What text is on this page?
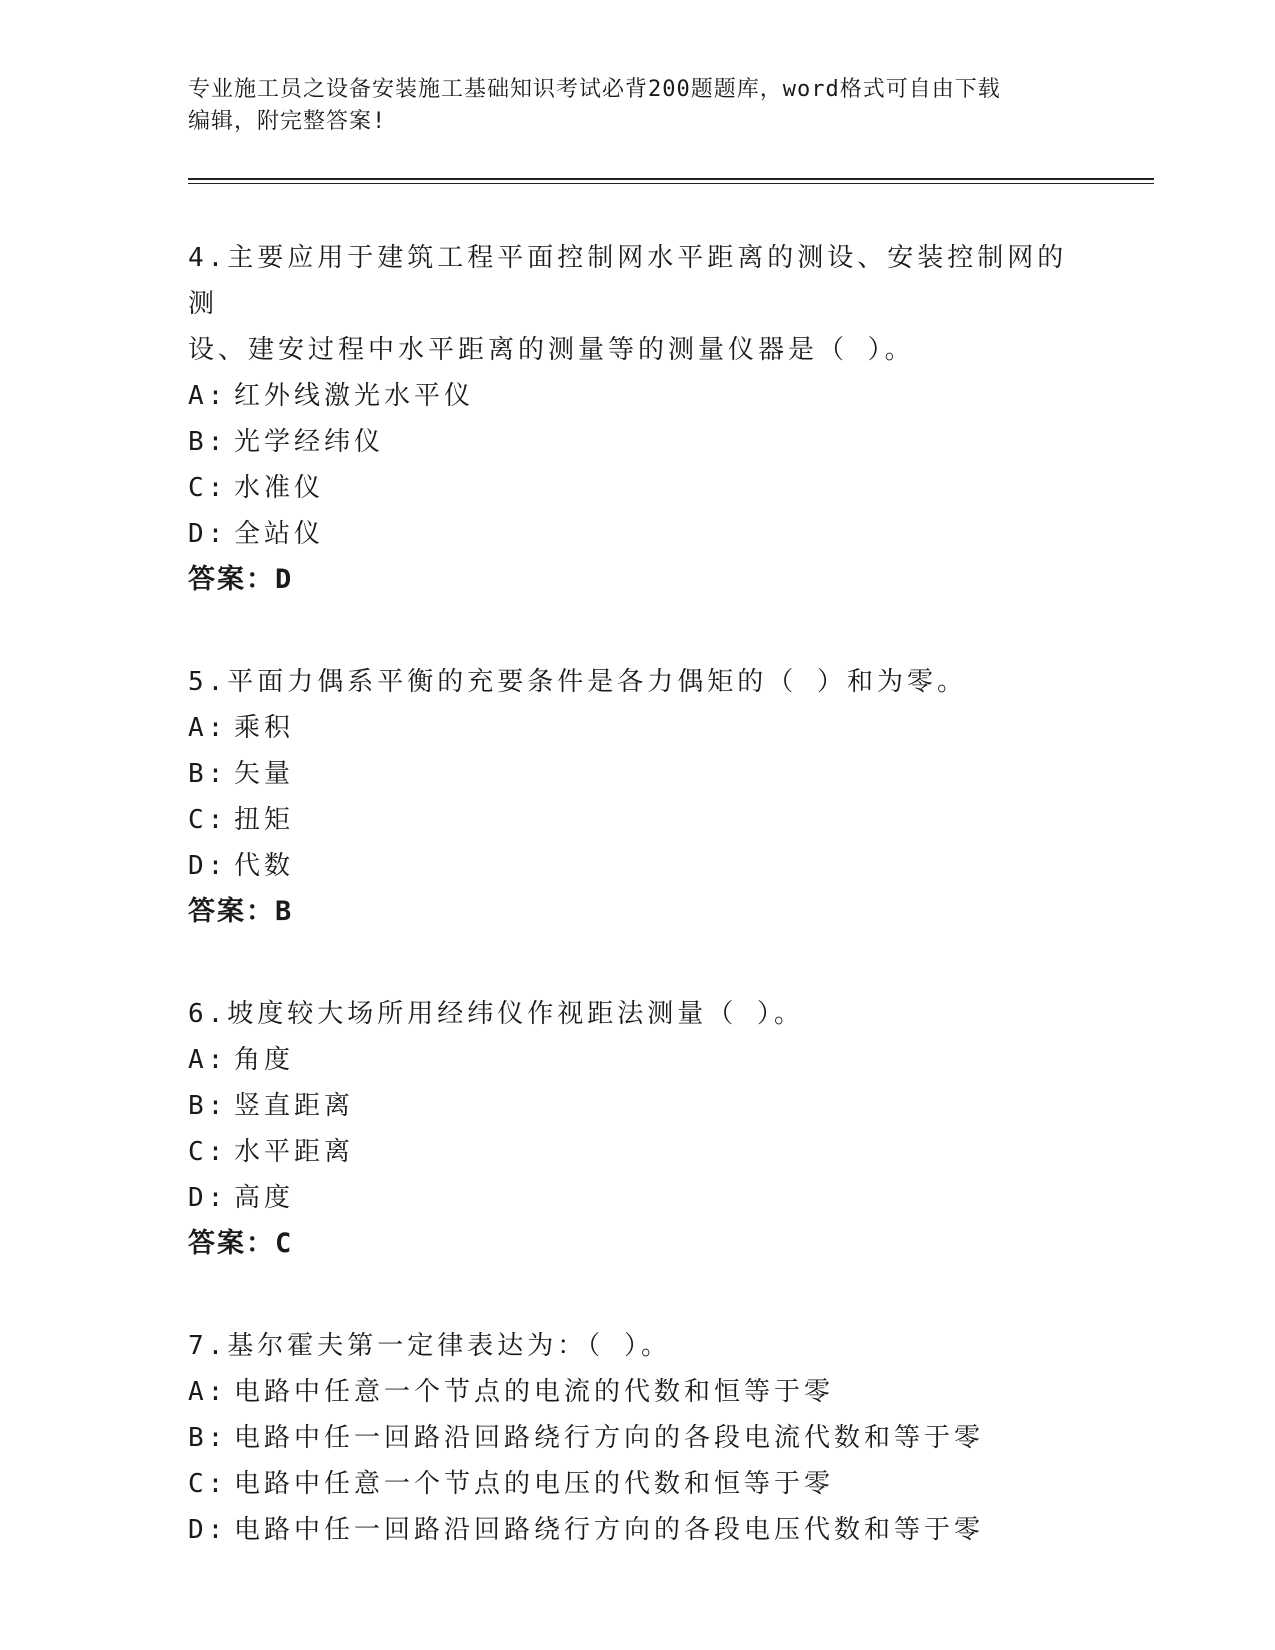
专业施工员之设备安装施工基础知识考试必背200题题库，word格式可自由下载
编辑，附完整答案!
4.主要应用于建筑工程平面控制网水平距离的测设、安装控制网的测
设、建安过程中水平距离的测量等的测量仪器是（ ）。
A: 红外线激光水平仪
B: 光学经纬仪
C: 水准仪
D: 全站仪
答案：D
5.平面力偶系平衡的充要条件是各力偶矩的（ ）和为零。
A: 乘积
B: 矢量
C: 扭矩
D: 代数
答案：B
6.坡度较大场所用经纬仪作视距法测量（ ）。
A: 角度
B: 竖直距离
C: 水平距离
D: 高度
答案：C
7.基尔霍夫第一定律表达为：（ ）。
A: 电路中任意一个节点的电流的代数和恒等于零
B: 电路中任一回路沿回路绕行方向的各段电流代数和等于零
C: 电路中任意一个节点的电压的代数和恒等于零
D: 电路中任一回路沿回路绕行方向的各段电压代数和等于零
